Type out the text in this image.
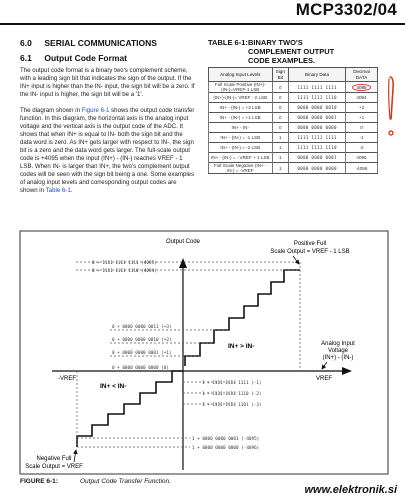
MCP3302/04
6.0 SERIAL COMMUNICATIONS
6.1 Output Code Format
The output code format is a binary two's complement scheme, with a leading sign bit that indicates the sign of the output. If the IN+ input is higher than the IN- input, the sign bit will be a zero. If the IN- input is higher, the sign bit will be a '1'.
The diagram shown in Figure 6-1 shows the output code transfer function. In this diagram, the horizontal axis is the analog input voltage and the vertical axis is the output code of the ADC. It shows that when IN+ is equal to IN- both the sign bit and the data word is zero. As IN+ gets larger with respect to IN-, the sign bit is a zero and the data word gets larger. The full-scale output code is +4095 when the input (IN+) - (IN-) reaches VREF - 1 LSB. When IN- is larger than IN+, the two's complement output codes will be seen with the sign bit being a one. Some examples of analog input levels and corresponding output codes are shown in Table 6-1.
TABLE 6-1:BINARY TWO'S
COMPLEMENT OUTPUT
CODE EXAMPLES.
Analog Input Levels	Sign Bit	Binary Data	Decimal DATA
Full Scale Positive (IN+)-(IN-)=VREF-1 LSB	0	1111 1111 1111	4095
(IN+)-(IN-)= VREF - 2 LSB	0	1111 1111 1110	4094
IN+ - (IN-) = +2 LSB	0	0000 0000 0010	+2
IN+ - (IN-) = +1 LSB	0	0000 0000 0001	+1
IN+ - IN-	0	0000 0000 0000	0
IN+ - (IN-) = -1 LSB	1	1111 1111 1111	-1
IN+ - (IN-) = -2 LSB	1	1111 1111 1110	-2
IN+ - (IN-) = - VREF + 1 LSB	1	0000 0000 0001	4095
Full Scale Negative (IN+ - IN-) = -VREF	1	0000 0000 0000	-4096
Output Code	Positive Full
Scale Output = VREF - 1 LSB
Negative Full
Scale Output = VREF
-VREF	VREF
IN+ > IN-
IN+ < IN-
Analog Input
Voltage
(IN+) - (IN-)
0 + 1111 1111 1111 (4095)
0 + 1111 1111 1110 (4094)
0 + 0000 0000 0011 (+3)
0 + 0000 0000 0010 (+2)
0 + 0000 0000 0001 (+1)
0 + 0000 0000 0000 (0)
1 + 1111 1111 1111 (-1)
1 + 1111 1111 1110 (-2)
1 + 1111 1111 1101 (-3)
1 + 0000 0000 0001 (-4095)
1 + 0000 0000 0000 (-4096)
FIGURE 6-1:	Output Code Transfer Function.
www.elektronik.si
